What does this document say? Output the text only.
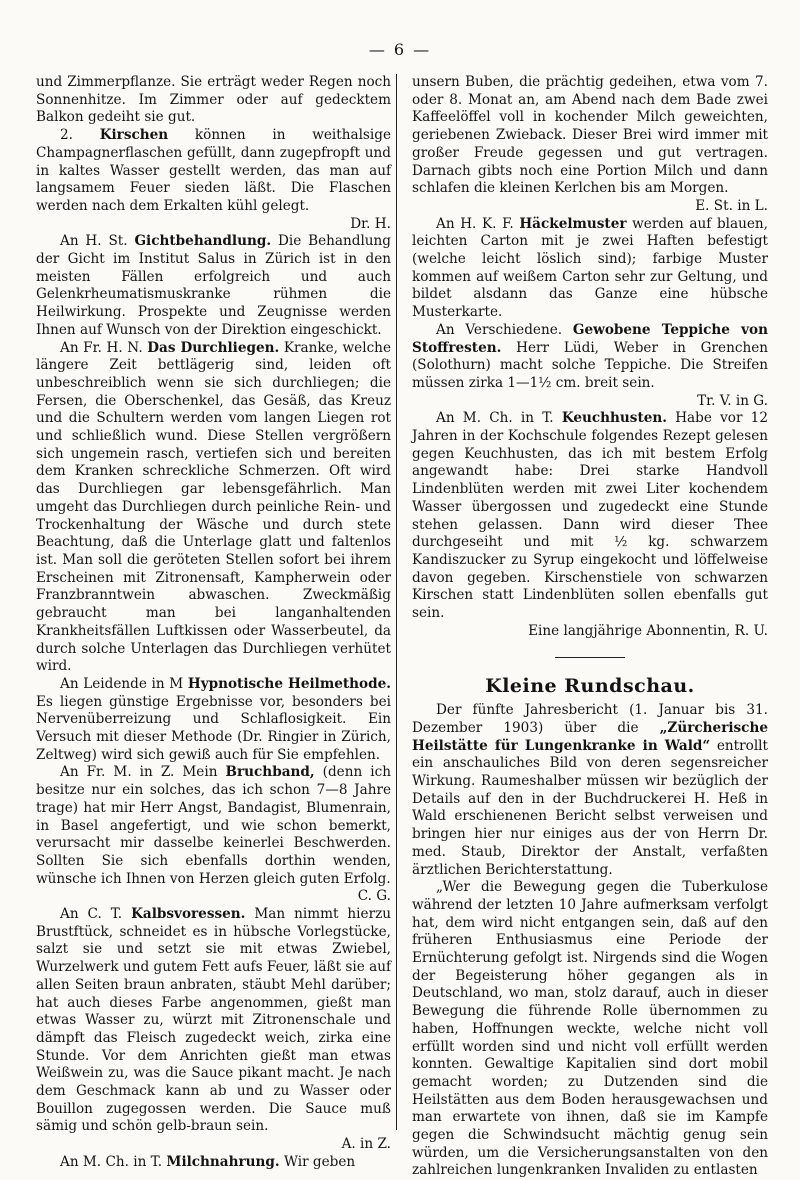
— 6 —

und Zimmerpflanze. Sie erträgt weder Regen noch Sonnenhitze. Im Zimmer oder auf gedecktem Balkon gedeiht sie gut.

2. Kirschen können in weithalsige Champagnerflaschen gefüllt, dann zugepfropft und in kaltes Wasser gestellt werden, das man auf langsamem Feuer sieden läßt. Die Flaschen werden nach dem Erkalten kühl gelegt.

Dr. H.

An H. St. Gichtbehandlung. Die Behandlung der Gicht im Institut Salus in Zürich ist in den meisten Fällen erfolgreich und auch Gelenkrheumatismuskranke rühmen die Heilwirkung. Prospekte und Zeugnisse werden Ihnen auf Wunsch von der Direktion eingeschickt.

An Fr. H. N. Das Durchliegen. Kranke, welche längere Zeit bettlägerig sind, leiden oft unbeschreiblich wenn sie sich durchliegen; die Fersen, die Oberschenkel, das Gesäß, das Kreuz und die Schultern werden vom langen Liegen rot und schließlich wund. Diese Stellen vergrößern sich ungemein rasch, vertiefen sich und bereiten dem Kranken schreckliche Schmerzen. Oft wird das Durchliegen gar lebensgefährlich. Man umgeht das Durchliegen durch peinliche Rein- und Trockenhaltung der Wäsche und durch stete Beachtung, daß die Unterlage glatt und faltenlos ist. Man soll die geröteten Stellen sofort bei ihrem Erscheinen mit Zitronensaft, Kampherwein oder Franzbranntwein abwaschen. Zweckmäßig gebraucht man bei langanhaltenden Krankheitsfällen Luftkissen oder Wasserbeutel, da durch solche Unterlagen das Durchliegen verhütet wird.

An Leidende in M Hypnotische Heilmethode. Es liegen günstige Ergebnisse vor, besonders bei Nervenüberreizung und Schlaflosigkeit. Ein Versuch mit dieser Methode (Dr. Ringier in Zürich, Zeltweg) wird sich gewiß auch für Sie empfehlen.

An Fr. M. in Z. Mein Bruchband, (denn ich besitze nur ein solches, das ich schon 7—8 Jahre trage) hat mir Herr Angst, Bandagist, Blumenrain, in Basel angefertigt, und wie schon bemerkt, verursacht mir dasselbe keinerlei Beschwerden. Sollten Sie sich ebenfalls dorthin wenden, wünsche ich Ihnen von Herzen gleich guten Erfolg.

C. G.

An C. T. Kalbsvoressen. Man nimmt hierzu Brustftück, schneidet es in hübsche Vorlegstücke, salzt sie und setzt sie mit etwas Zwiebel, Wurzelwerk und gutem Fett aufs Feuer, läßt sie auf allen Seiten braun anbraten, stäubt Mehl darüber; hat auch dieses Farbe angenommen, gießt man etwas Wasser zu, würzt mit Zitronenschale und dämpft das Fleisch zugedeckt weich, zirka eine Stunde. Vor dem Anrichten gießt man etwas Weißwein zu, was die Sauce pikant macht. Je nach dem Geschmack kann ab und zu Wasser oder Bouillon zugegossen werden. Die Sauce muß sämig und schön gelb-braun sein.

A. in Z.

An M. Ch. in T. Milchnahrung. Wir geben

unsern Buben, die prächtig gedeihen, etwa vom 7. oder 8. Monat an, am Abend nach dem Bade zwei Kaffeelöffel voll in kochender Milch geweichten, geriebenen Zwieback. Dieser Brei wird immer mit großer Freude gegessen und gut vertragen. Darnach gibts noch eine Portion Milch und dann schlafen die kleinen Kerlchen bis am Morgen.

E. St. in L.

An H. K. F. Häckelmuster werden auf blauen, leichten Carton mit je zwei Haften befestigt (welche leicht löslich sind); farbige Muster kommen auf weißem Carton sehr zur Geltung, und bildet alsdann das Ganze eine hübsche Musterkarte.

An Verschiedene. Gewobene Teppiche von Stoffresten. Herr Lüdi, Weber in Grenchen (Solothurn) macht solche Teppiche. Die Streifen müssen zirka 1—1½ cm. breit sein.

Tr. V. in G.

An M. Ch. in T. Keuchhusten. Habe vor 12 Jahren in der Kochschule folgendes Rezept gelesen gegen Keuchhusten, das ich mit bestem Erfolg angewandt habe: Drei starke Handvoll Lindenblüten werden mit zwei Liter kochendem Wasser übergossen und zugedeckt eine Stunde stehen gelassen. Dann wird dieser Thee durchgeseiht und mit ½ kg. schwarzem Kandiszucker zu Syrup eingekocht und löffelweise davon gegeben. Kirschenstiele von schwarzen Kirschen statt Lindenblüten sollen ebenfalls gut sein.

Eine langjährige Abonnentin, R. U.
Kleine Rundschau.

Der fünfte Jahresbericht (1. Januar bis 31. Dezember 1903) über die „Zürcherische Heilstätte für Lungenkranke in Wald“ entrollt ein anschauliches Bild von deren segensreicher Wirkung. Raumeshalber müssen wir bezüglich der Details auf den in der Buchdruckerei H. Heß in Wald erschienenen Bericht selbst verweisen und bringen hier nur einiges aus der von Herrn Dr. med. Staub, Direktor der Anstalt, verfaßten ärztlichen Berichterstattung.

„Wer die Bewegung gegen die Tuberkulose während der letzten 10 Jahre aufmerksam verfolgt hat, dem wird nicht entgangen sein, daß auf den früheren Enthusiasmus eine Periode der Ernüchterung gefolgt ist. Nirgends sind die Wogen der Begeisterung höher gegangen als in Deutschland, wo man, stolz darauf, auch in dieser Bewegung die führende Rolle übernommen zu haben, Hoffnungen weckte, welche nicht voll erfüllt worden sind und nicht voll erfüllt werden konnten. Gewaltige Kapitalien sind dort mobil gemacht worden; zu Dutzenden sind die Heilstätten aus dem Boden herausgewachsen und man erwartete von ihnen, daß sie im Kampfe gegen die Schwindsucht mächtig genug sein würden, um die Versicherungsanstalten von den zahlreichen lungenkranken Invaliden zu entlasten
